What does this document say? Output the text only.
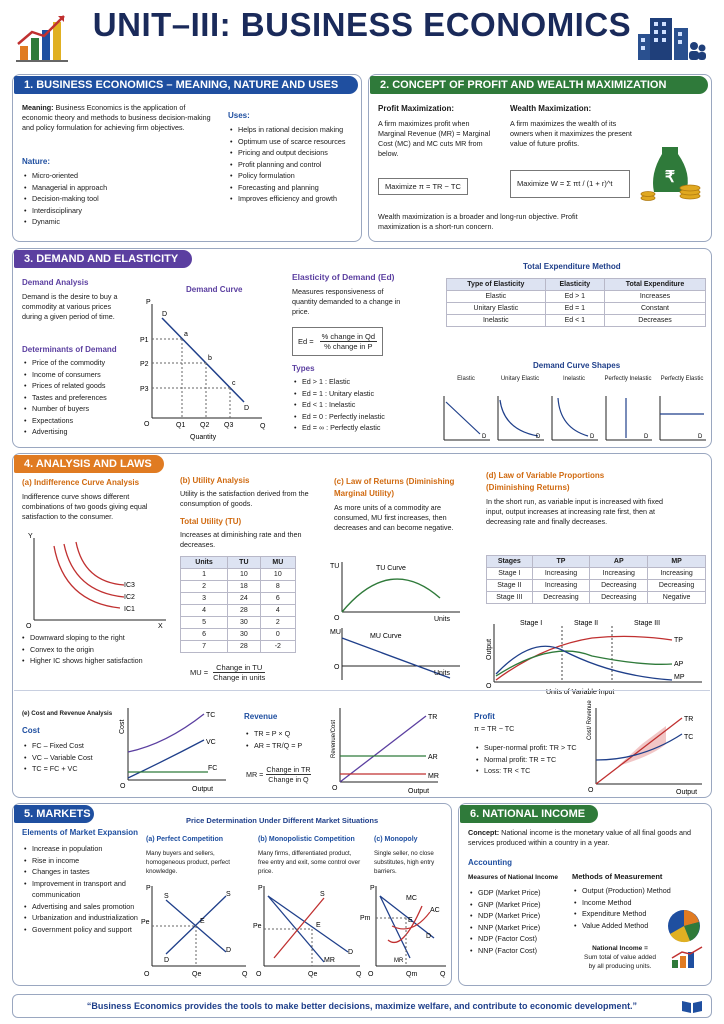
UNIT–III: BUSINESS ECONOMICS
1. BUSINESS ECONOMICS – MEANING, NATURE AND USES
Meaning: Business Economics is the application of economic theory and methods to business decision-making and policy formulation for achieving firm objectives.
Nature:
• Micro-oriented
• Managerial in approach
• Decision-making tool
• Interdisciplinary
• Dynamic
Uses:
• Helps in rational decision making
• Optimum use of scarce resources
• Pricing and output decisions
• Profit planning and control
• Policy formulation
• Forecasting and planning
• Improves efficiency and growth
2. CONCEPT OF PROFIT AND WEALTH MAXIMIZATION
Profit Maximization:
A firm maximizes profit when Marginal Revenue (MR) = Marginal Cost (MC) and MC cuts MR from below.
Maximize π = TR − TC
Wealth Maximization:
A firm maximizes the wealth of its owners when it maximizes the present value of future profits.
Maximize W = Σ πt / (1 + r)^t	₹
Wealth maximization is a broader and long-run objective. Profit maximization is a short-run concern.
3. DEMAND AND ELASTICITY
Demand Analysis
Demand is the desire to buy a commodity at various prices during a given period of time.
Determinants of Demand
• Price of the commodity
• Income of consumers
• Prices of related goods
• Tastes and preferences
• Number of buyers
• Expectations
• Advertising
Demand Curve
P
Q
O
D
D
P1
P2
P3
Q1 Q2 Q3
a
b
c
Quantity
Elasticity of Demand (Ed)
Measures responsiveness of quantity demanded to a change in price.
Ed =
% change in Qd
% change in P
Types
• Ed > 1 : Elastic
• Ed = 1 : Unitary elastic
• Ed < 1 : Inelastic
• Ed = 0 : Perfectly inelastic
• Ed = ∞ : Perfectly elastic
Total Expenditure Method
Type of Elasticity	Elasticity	Total Expenditure
Elastic	Ed > 1	Increases
Unitary Elastic	Ed = 1	Constant
Inelastic	Ed < 1	Decreases
Demand Curve Shapes
Elastic
D
Unitary Elastic
D
Inelastic
D
Perfectly Inelastic
D
Perfectly Elastic
D
4. ANALYSIS AND LAWS
(a) Indifference Curve Analysis
Indifference curve shows different combinations of two goods giving equal satisfaction to the consumer.
IC3
IC2
IC1
Y
X
O
• Downward sloping to the right
• Convex to the origin
• Higher IC shows higher satisfaction
(b) Utility Analysis
Utility is the satisfaction derived from the consumption of goods.
Total Utility (TU)
Increases at diminishing rate and then decreases.
Units	TU	MU
1	10	10
2	18	8
3	24	6
4	28	4
5	30	2
6	30	0
7	28	-2
MU =
Change in TU
Change in units
(c) Law of Returns (Diminishing Marginal Utility)
As more units of a commodity are consumed, MU first increases, then decreases and can become negative.
TU	TU Curve
Units
O
MU
MU Curve
Units
O
(d) Law of Variable Proportions (Diminishing Returns)
In the short run, as variable input is increased with fixed input, output increases at increasing rate first, then at decreasing rate and finally decreases.
Stages	TP	AP	MP
Stage I	Increasing	Increasing	Increasing
Stage II	Increasing	Decreasing	Decreasing
Stage III	Decreasing	Decreasing	Negative
Stage I	Stage II	Stage III
TP
AP
MP
Units of Variable Input
O
Output
(e) Cost and Revenue Analysis
Cost
• FC – Fixed Cost
• VC – Variable Cost
• TC = FC + VC
TC
VC
FC
Output
O
Cost
Revenue
• TR = P × Q
• AR = TR/Q = P
MR =
Change in TR
Change in Q
TR
AR
MR
Output
O
Revenue/Cost
Profit
π = TR − TC
• Super-normal profit: TR > TC
• Normal profit: TR = TC
• Loss: TR < TC
TR
TC
Output
O
Cost/ Revenue
5. MARKETS
Price Determination Under Different Market Situations
Elements of Market Expansion
• Increase in population
• Rise in income
• Changes in tastes
• Improvement in transport and communication
• Advertising and sales promotion
• Urbanization and industrialization
• Government policy and support
(a) Perfect Competition
Many buyers and sellers, homogeneous product, perfect knowledge.
(b) Monopolistic Competition
Many firms, differentiated product, free entry and exit, some control over price.
(c) Monopoly
Single seller, no close substitutes, high entry barriers.
P
S	S
D
D
E
Pe
Qe	Q
O
P
S
D
E
Pe
Qe	Q
O
MR
P
MC
AC
E
D
Pm
Qm	Q
O
MR
6. NATIONAL INCOME
Concept: National income is the monetary value of all final goods and services produced within a country in a year.
Accounting
Measures of National Income
• GDP (Market Price)
• GNP (Market Price)
• NDP (Market Price)
• NNP (Market Price)
• NDP (Factor Cost)
• NNP (Factor Cost)
Methods of Measurement
• Output (Production) Method
• Income Method
• Expenditure Method
• Value Added Method
National Income =
Sum total of value added by all producing units.
“Business Economics provides the tools to make better decisions, maximize welfare, and contribute to economic development.”
